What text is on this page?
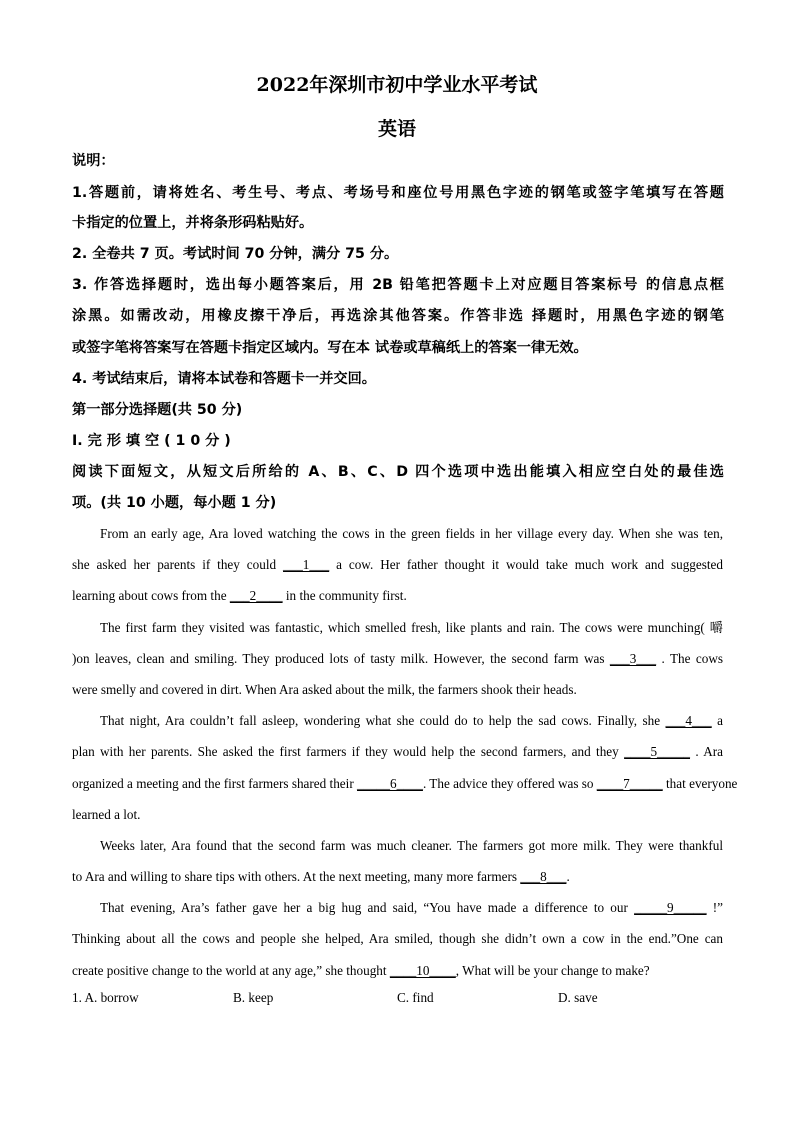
2022年深圳市初中学业水平考试
英语
说明：
1.答题前，请将姓名、考生号、考点、考场号和座位号用黑色字迹的钢笔或签字笔填写在答题
卡指定的位置上，并将条形码粘贴好。
2. 全卷共 7 页。考试时间 70 分钟，满分 75 分。
3. 作答选择题时，选出每小题答案后，用 2B 铅笔把答题卡上对应题目答案标号 的信息点框
涂黑。如需改动，用橡皮擦干净后，再选涂其他答案。作答非选 择题时，用黑色字迹的钢笔
或签字笔将答案写在答题卡指定区域内。写在本 试卷或草稿纸上的答案一律无效。
4. 考试结束后，请将本试卷和答题卡一并交回。
第一部分选择题(共 50 分)
I. 完 形 填 空 ( 1 0 分 )
阅读下面短文，从短文后所给的 A、B、C、D 四个选项中选出能填入相应空白处的最佳选
项。(共 10 小题，每小题 1 分)
From an early age, Ara loved watching the cows in the green fields in her village every day. When she was ten,
she asked her parents if they could ___1___ a cow. Her father thought it would take much work and suggested
learning about cows from the ___2____ in the community first.
The first farm they visited was fantastic, which smelled fresh, like plants and rain. The cows were munching( 嚼
)on leaves, clean and smiling. They produced lots of tasty milk. However, the second farm was ___3___ . The cows
were smelly and covered in dirt. When Ara asked about the milk, the farmers shook their heads.
That night, Ara couldn’t fall asleep, wondering what she could do to help the sad cows. Finally, she ___4___ a
plan with her parents. She asked the first farmers if they would help the second farmers, and they ____5_____ . Ara
organized a meeting and the first farmers shared their _____6____. The advice they offered was so ____7_____ that everyone
learned a lot.
Weeks later, Ara found that the second farm was much cleaner. The farmers got more milk. They were thankful
to Ara and willing to share tips with others. At the next meeting, many more farmers ___8___.
That evening, Ara’s father gave her a big hug and said, “You have made a difference to our _____9_____ !”
Thinking about all the cows and people she helped, Ara smiled, though she didn’t own a cow in the end.”One can
create positive change to the world at any age,” she thought ____10____, What will be your change to make?
1. A. borrow	B. keep	C. find	D. save
